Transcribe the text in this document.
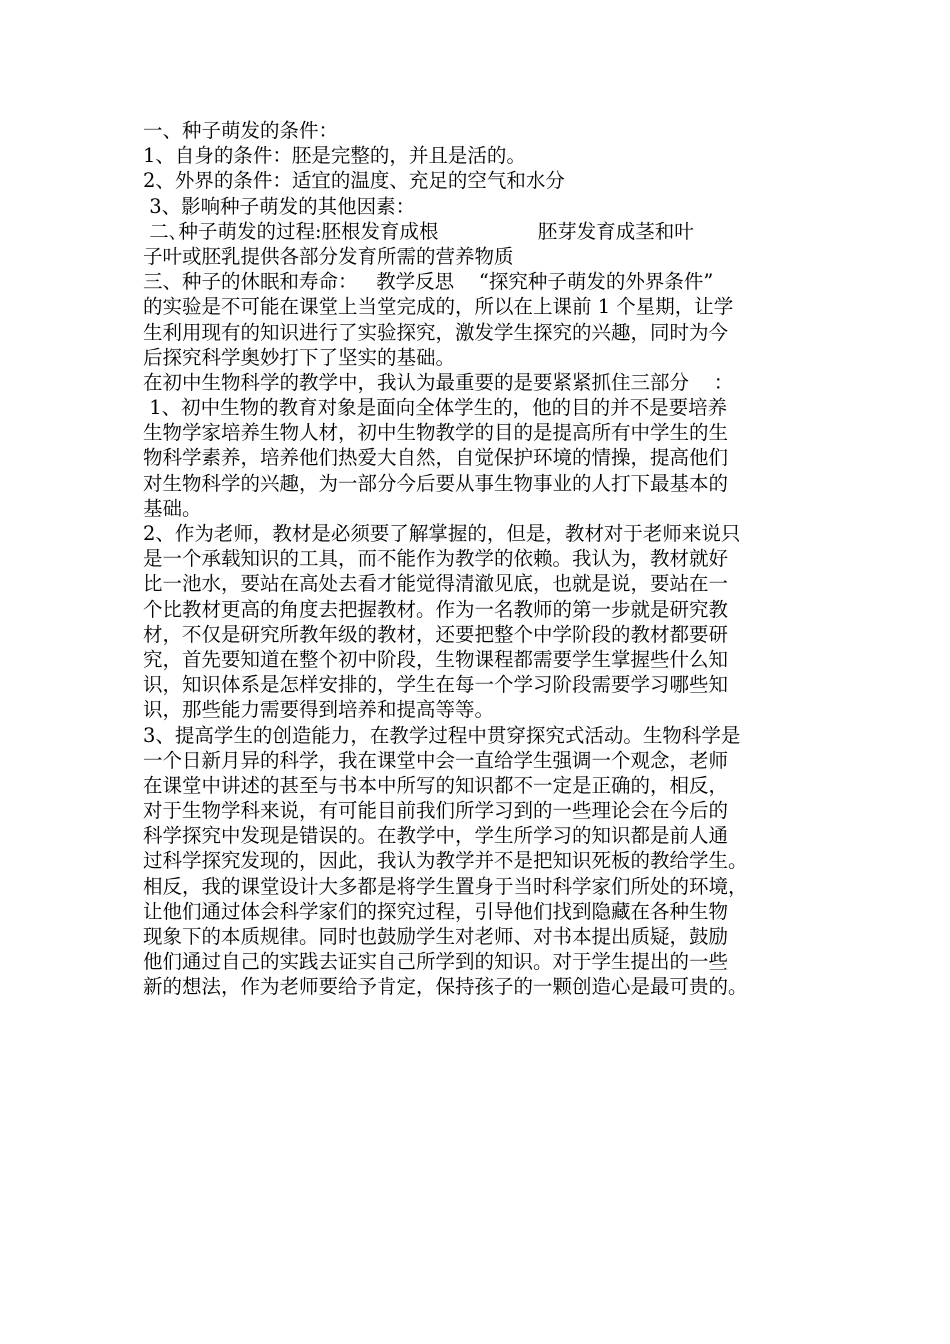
一、种子萌发的条件：
1、自身的条件：胚是完整的，并且是活的。
2、外界的条件：适宜的温度、充足的空气和水分
3、影响种子萌发的其他因素：
二､种子萌发的过程:胚根发育成根                胚芽发育成茎和叶
子叶或胚乳提供各部分发育所需的营养物质
三、种子的休眠和寿命：   教学反思    “探究种子萌发的外界条件”
的实验是不可能在课堂上当堂完成的，所以在上课前 1 个星期，让学
生利用现有的知识进行了实验探究，激发学生探究的兴趣，同时为今
后探究科学奥妙打下了坚实的基础。
在初中生物科学的教学中，我认为最重要的是要紧紧抓住三部分    ：
1、初中生物的教育对象是面向全体学生的，他的目的并不是要培养
生物学家培养生物人材，初中生物教学的目的是提高所有中学生的生
物科学素养，培养他们热爱大自然，自觉保护环境的情操，提高他们
对生物科学的兴趣，为一部分今后要从事生物事业的人打下最基本的
基础。
2、作为老师，教材是必须要了解掌握的，但是，教材对于老师来说只
是一个承载知识的工具，而不能作为教学的依赖。我认为，教材就好
比一池水，要站在高处去看才能觉得清澈见底，也就是说，要站在一
个比教材更高的角度去把握教材。作为一名教师的第一步就是研究教
材，不仅是研究所教年级的教材，还要把整个中学阶段的教材都要研
究，首先要知道在整个初中阶段，生物课程都需要学生掌握些什么知
识，知识体系是怎样安排的，学生在每一个学习阶段需要学习哪些知
识，那些能力需要得到培养和提高等等。
3、提高学生的创造能力，在教学过程中贯穿探究式活动。生物科学是
一个日新月异的科学，我在课堂中会一直给学生强调一个观念，老师
在课堂中讲述的甚至与书本中所写的知识都不一定是正确的，相反，
对于生物学科来说，有可能目前我们所学习到的一些理论会在今后的
科学探究中发现是错误的。在教学中，学生所学习的知识都是前人通
过科学探究发现的，因此，我认为教学并不是把知识死板的教给学生。
相反，我的课堂设计大多都是将学生置身于当时科学家们所处的环境，
让他们通过体会科学家们的探究过程，引导他们找到隐藏在各种生物
现象下的本质规律。同时也鼓励学生对老师、对书本提出质疑，鼓励
他们通过自己的实践去证实自己所学到的知识。对于学生提出的一些
新的想法，作为老师要给予肯定，保持孩子的一颗创造心是最可贵的。
